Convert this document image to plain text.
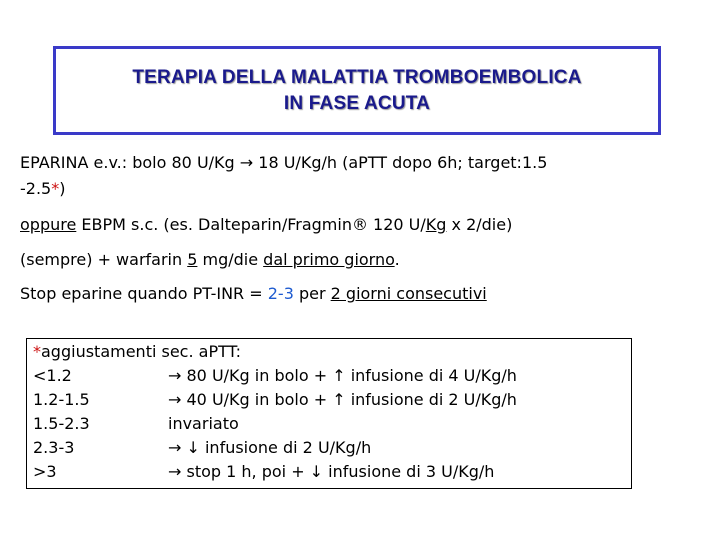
TERAPIA DELLA MALATTIA TROMBOEMBOLICA
IN FASE ACUTA
EPARINA e.v.: bolo 80 U/Kg → 18 U/Kg/h (aPTT dopo 6h; target:1.5
-2.5*)
oppure EBPM s.c. (es. Dalteparin/Fragmin® 120 U/Kg x 2/die)
(sempre) + warfarin 5 mg/die dal primo giorno.
Stop eparine quando PT-INR = 2-3 per 2 giorni consecutivi
*aggiustamenti sec. aPTT:
<1.2	→ 80 U/Kg in bolo + ↑ infusione di 4 U/Kg/h
1.2-1.5	→ 40 U/Kg in bolo + ↑ infusione di 2 U/Kg/h
1.5-2.3	invariato
2.3-3	→ ↓ infusione di 2 U/Kg/h
>3	→ stop 1 h, poi + ↓ infusione di 3 U/Kg/h
